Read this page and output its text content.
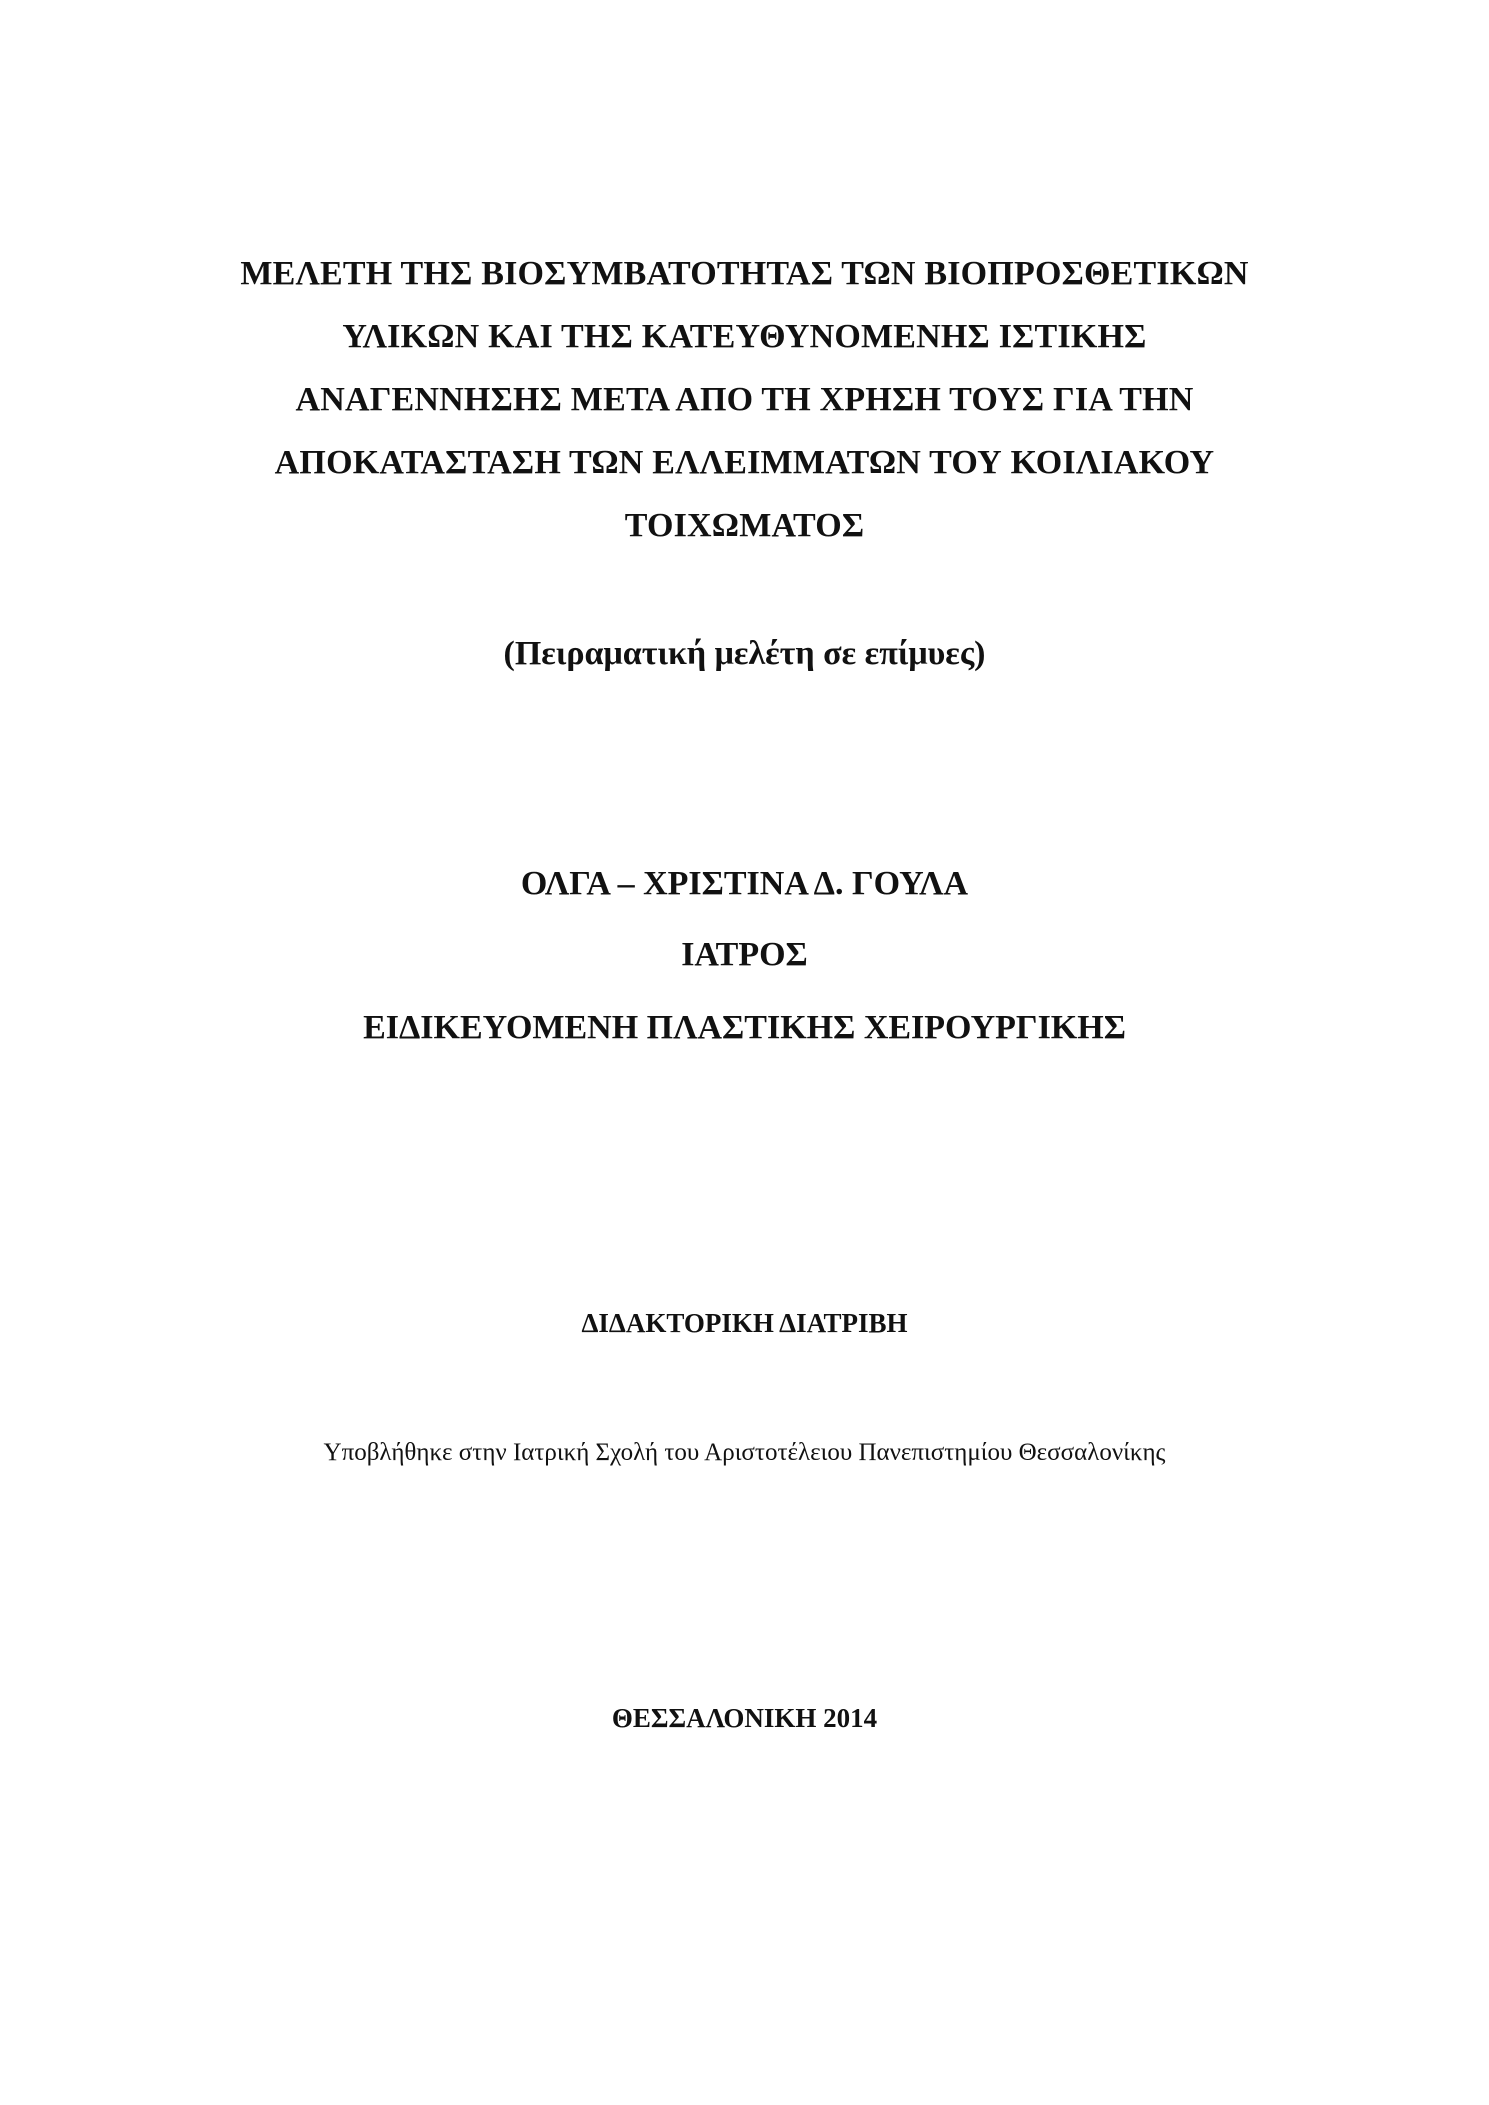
ΜΕΛΕΤΗ ΤΗΣ ΒΙΟΣΥΜΒΑΤΟΤΗΤΑΣ ΤΩΝ ΒΙΟΠΡΟΣΘΕΤΙΚΩΝ
ΥΛΙΚΩΝ ΚΑΙ ΤΗΣ ΚΑΤΕΥΘΥΝΟΜΕΝΗΣ ΙΣΤΙΚΗΣ
ΑΝΑΓΕΝΝΗΣΗΣ ΜΕΤΑ ΑΠΟ ΤΗ ΧΡΗΣΗ ΤΟΥΣ ΓΙΑ ΤΗΝ
ΑΠΟΚΑΤΑΣΤΑΣΗ ΤΩΝ ΕΛΛΕΙΜΜΑΤΩΝ ΤΟΥ ΚΟΙΛΙΑΚΟΥ
ΤΟΙΧΩΜΑΤΟΣ
(Πειραματική μελέτη σε επίμυες)
ΟΛΓΑ – ΧΡΙΣΤΙΝΑ Δ. ΓΟΥΛΑ
ΙΑΤΡΟΣ
ΕΙΔΙΚΕΥΟΜΕΝΗ ΠΛΑΣΤΙΚΗΣ ΧΕΙΡΟΥΡΓΙΚΗΣ
ΔΙΔΑΚΤΟΡΙΚΗ ΔΙΑΤΡΙΒΗ
Υποβλήθηκε στην Ιατρική Σχολή του Αριστοτέλειου Πανεπιστημίου Θεσσαλονίκης
ΘΕΣΣΑΛΟΝΙΚΗ 2014
